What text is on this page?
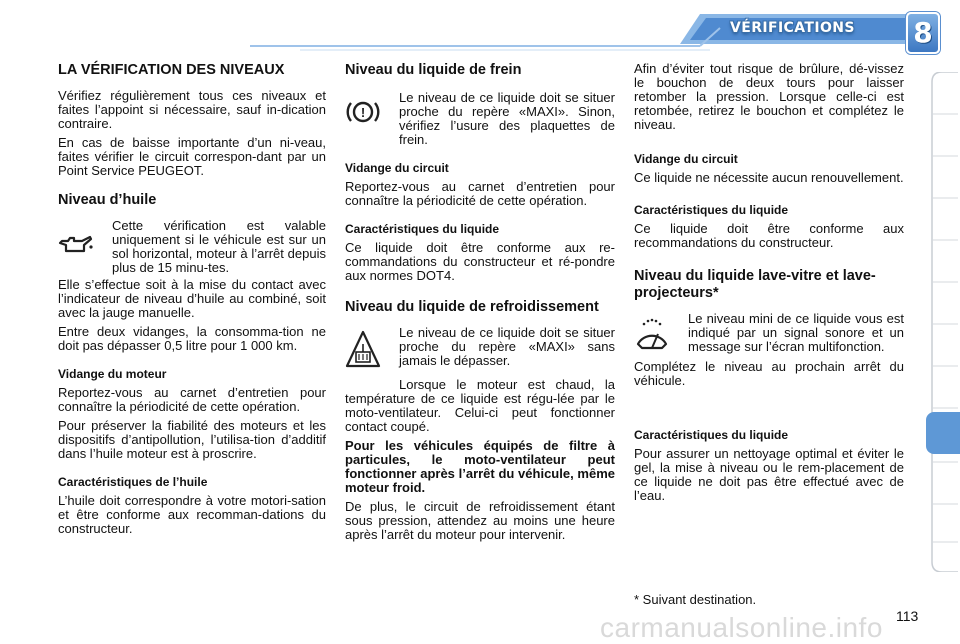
VÉRIFICATIONS	8
LA VÉRIFICATION DES NIVEAUX

Vérifiez régulièrement tous ces niveaux et faites l’appoint si nécessaire, sauf in-dication contraire.

En cas de baisse importante d’un ni-veau, faites vérifier le circuit correspon-dant par un Point Service PEUGEOT.

Niveau d’huile

Cette vérification est valable uniquement si le véhicule est sur un sol horizontal, moteur à l’arrêt depuis plus de 15 minu-tes.

Elle s’effectue soit à la mise du contact avec l’indicateur de niveau d’huile au combiné, soit avec la jauge manuelle.

Entre deux vidanges, la consomma-tion ne doit pas dépasser 0,5 litre pour 1 000 km.

Vidange du moteur

Reportez-vous au carnet d’entretien pour connaître la périodicité de cette opération.

Pour préserver la fiabilité des moteurs et les dispositifs d’antipollution, l’utilisa-tion d’additif dans l’huile moteur est à proscrire.

Caractéristiques de l’huile

L’huile doit correspondre à votre motori-sation et être conforme aux recomman-dations du constructeur.

Niveau du liquide de frein
!

Le niveau de ce liquide doit se situer proche du repère «MAXI». Sinon, vérifiez l’usure des plaquettes de frein.

Vidange du circuit

Reportez-vous au carnet d’entretien pour connaître la périodicité de cette opération.

Caractéristiques du liquide

Ce liquide doit être conforme aux re-commandations du constructeur et ré-pondre aux normes DOT4.

Niveau du liquide de refroidissement

Le niveau de ce liquide doit se situer proche du repère «MAXI» sans jamais le dépasser.

Lorsque le moteur est chaud, la température de ce liquide est régu-lée par le moto-ventilateur. Celui-ci peut fonctionner contact coupé.

Pour les véhicules équipés de filtre à particules, le moto-ventilateur peut fonctionner après l’arrêt du véhicule, même moteur froid.

De plus, le circuit de refroidissement étant sous pression, attendez au moins une heure après l’arrêt du moteur pour intervenir.

Afin d’éviter tout risque de brûlure, dé-vissez le bouchon de deux tours pour laisser retomber la pression. Lorsque celle-ci est retombée, retirez le bouchon et complétez le niveau.

Vidange du circuit

Ce liquide ne nécessite aucun renouvellement.

Caractéristiques du liquide

Ce liquide doit être conforme aux recommandations du constructeur.

Niveau du liquide lave-vitre et lave-projecteurs*

Le niveau mini de ce liquide vous est indiqué par un signal sonore et un message sur l’écran multifonction.

Complétez le niveau au prochain arrêt du véhicule.

Caractéristiques du liquide

Pour assurer un nettoyage optimal et éviter le gel, la mise à niveau ou le rem-placement de ce liquide ne doit pas être effectué avec de l’eau.

* Suivant destination.
carmanualsonline.info 113
